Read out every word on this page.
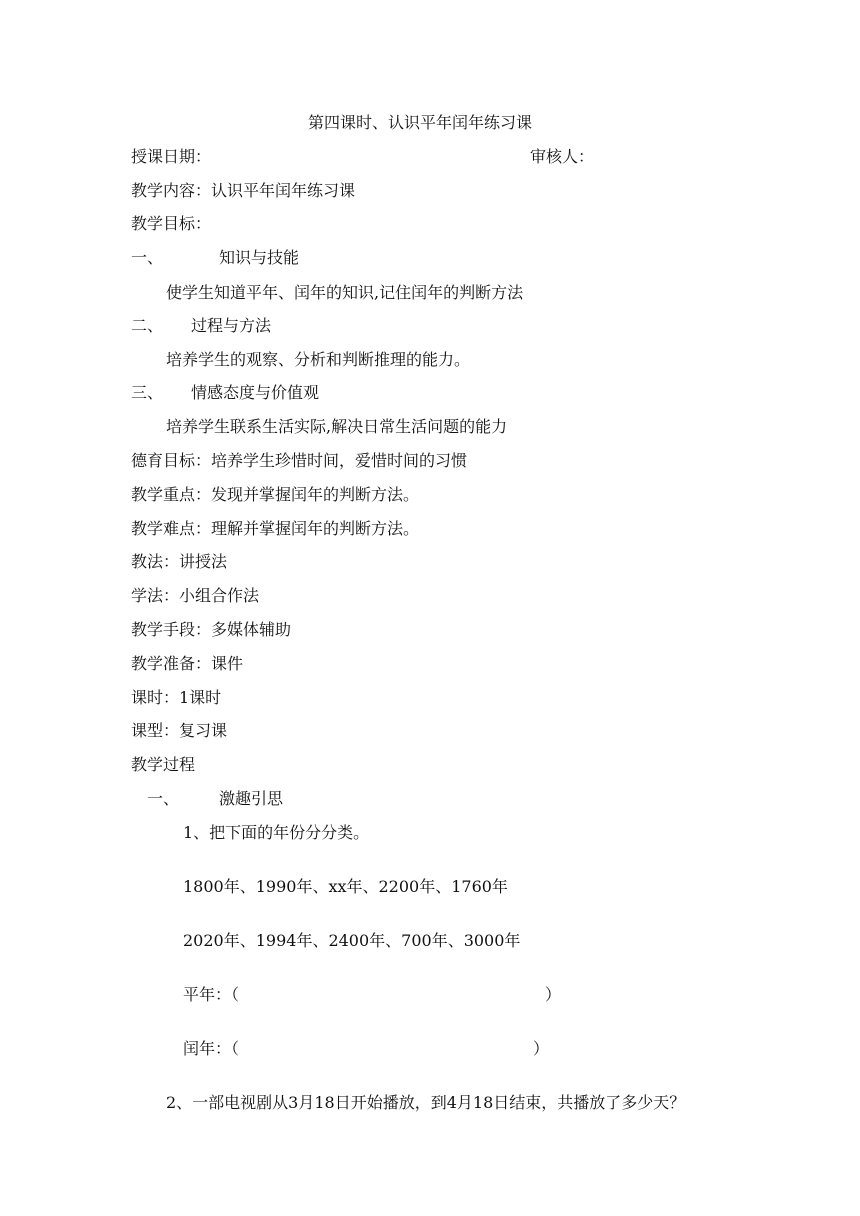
第四课时、认识平年闰年练习课
授课日期：	审核人：
教学内容：认识平年闰年练习课
教学目标：
一、	知识与技能
使学生知道平年、闰年的知识,记住闰年的判断方法
二、 过程与方法
培养学生的观察、分析和判断推理的能力。
三、 情感态度与价值观
培养学生联系生活实际,解决日常生活问题的能力
德育目标：培养学生珍惜时间，爱惜时间的习惯
教学重点：发现并掌握闰年的判断方法。
教学难点：理解并掌握闰年的判断方法。
教法：讲授法
学法：小组合作法
教学手段：多媒体辅助
教学准备：课件
课时：1课时
课型：复习课
教学过程
一、 激趣引思
1、把下面的年份分分类。
1800年、1990年、xx年、2200年、1760年
2020年、1994年、2400年、700年、3000年
平年：（	）
闰年：（	）
2、一部电视剧从3月18日开始播放，到4月18日结束，共播放了多少天？
